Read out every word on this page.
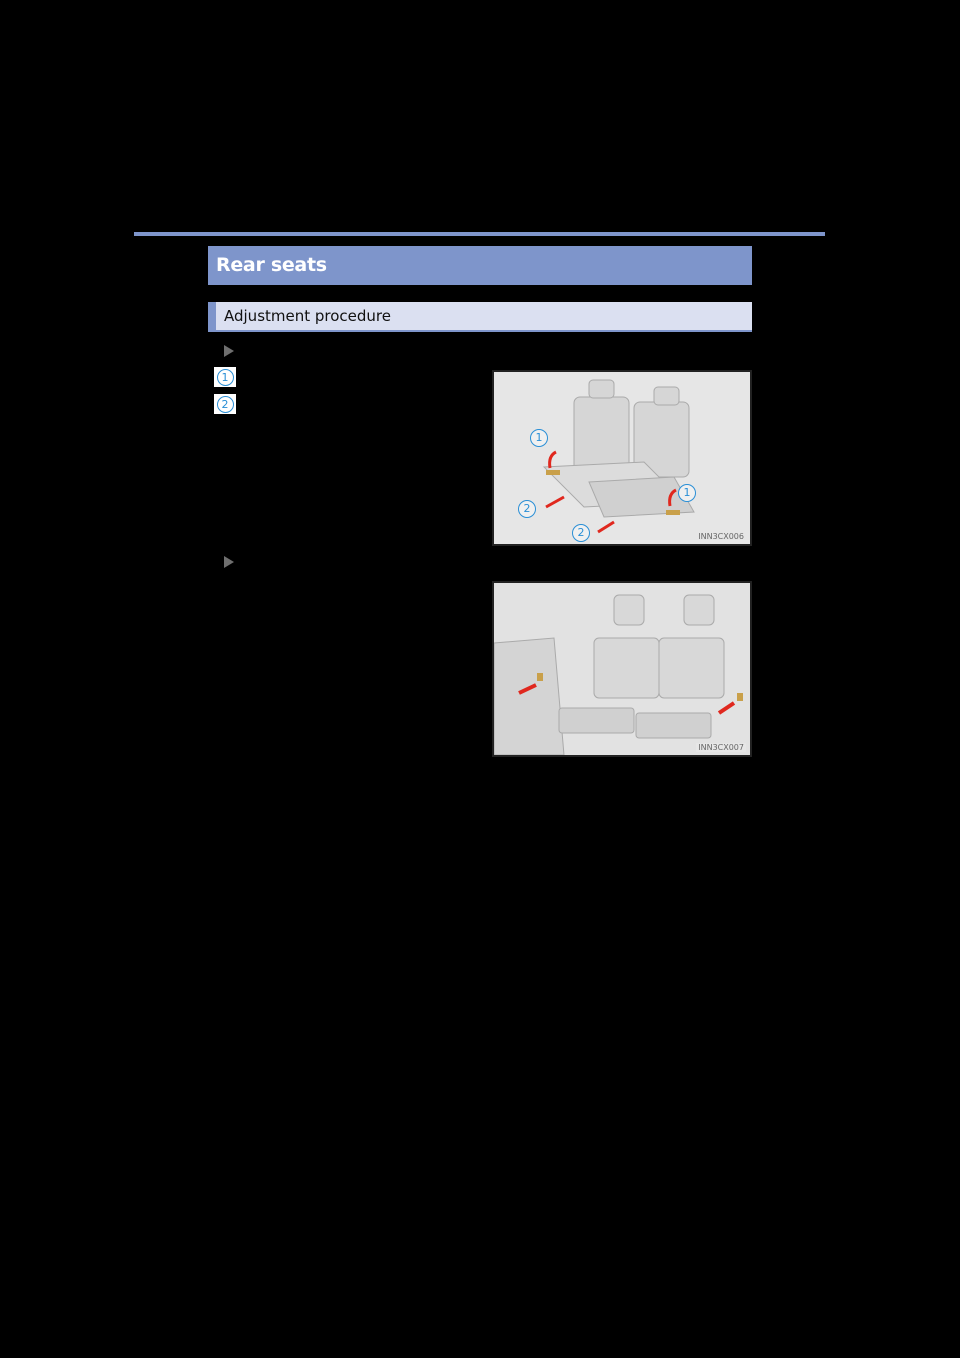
Rear seats
Adjustment procedure
1
2
1
1
2
2	INN3CX006
INN3CX007
